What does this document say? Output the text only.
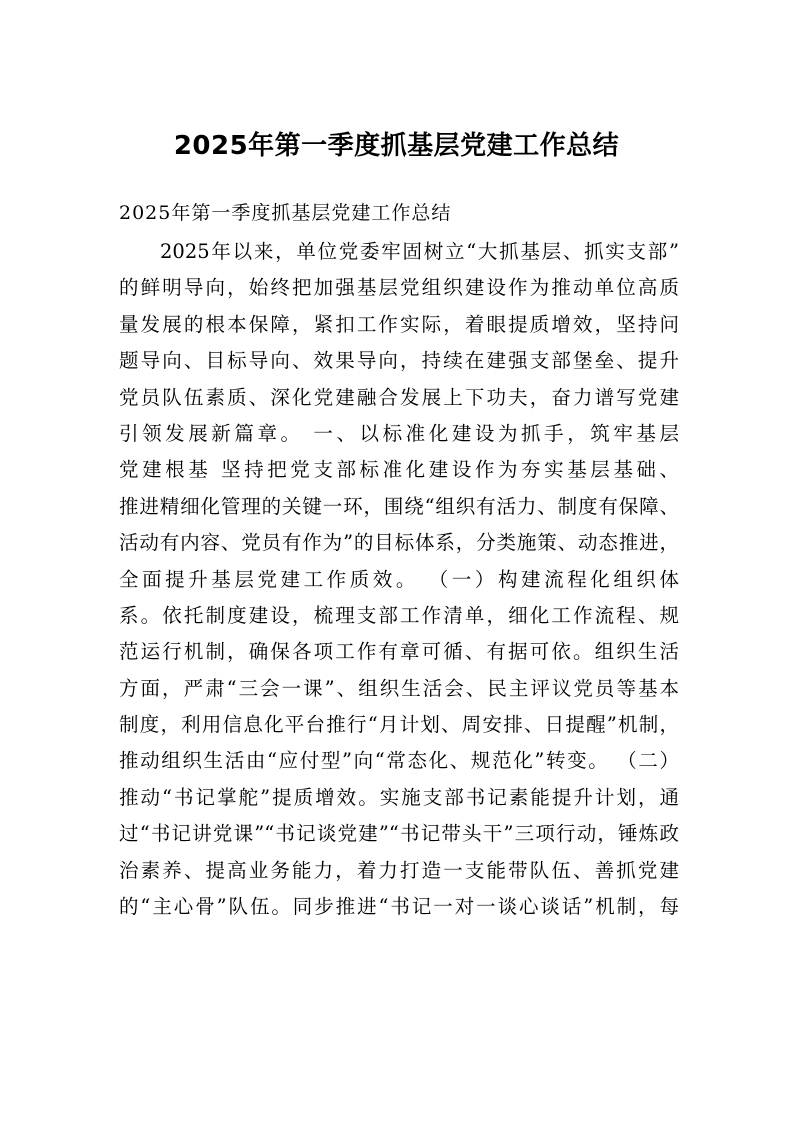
2025年第一季度抓基层党建工作总结
2025年第一季度抓基层党建工作总结
2025年以来，单位党委牢固树立“大抓基层、抓实支部”
的鲜明导向，始终把加强基层党组织建设作为推动单位高质
量发展的根本保障，紧扣工作实际，着眼提质增效，坚持问
题导向、目标导向、效果导向，持续在建强支部堡垒、提升
党员队伍素质、深化党建融合发展上下功夫，奋力谱写党建
引领发展新篇章。 一、以标准化建设为抓手，筑牢基层
党建根基 坚持把党支部标准化建设作为夯实基层基础、
推进精细化管理的关键一环，围绕“组织有活力、制度有保障、
活动有内容、党员有作为”的目标体系，分类施策、动态推进，
全面提升基层党建工作质效。 （一）构建流程化组织体
系。依托制度建设，梳理支部工作清单，细化工作流程、规
范运行机制，确保各项工作有章可循、有据可依。组织生活
方面，严肃“三会一课”、组织生活会、民主评议党员等基本
制度，利用信息化平台推行“月计划、周安排、日提醒”机制，
推动组织生活由“应付型”向“常态化、规范化”转变。 （二）
推动“书记掌舵”提质增效。实施支部书记素能提升计划，通
过“书记讲党课”“书记谈党建”“书记带头干”三项行动，锤炼政
治素养、提高业务能力，着力打造一支能带队伍、善抓党建
的“主心骨”队伍。同步推进“书记一对一谈心谈话”机制，每
